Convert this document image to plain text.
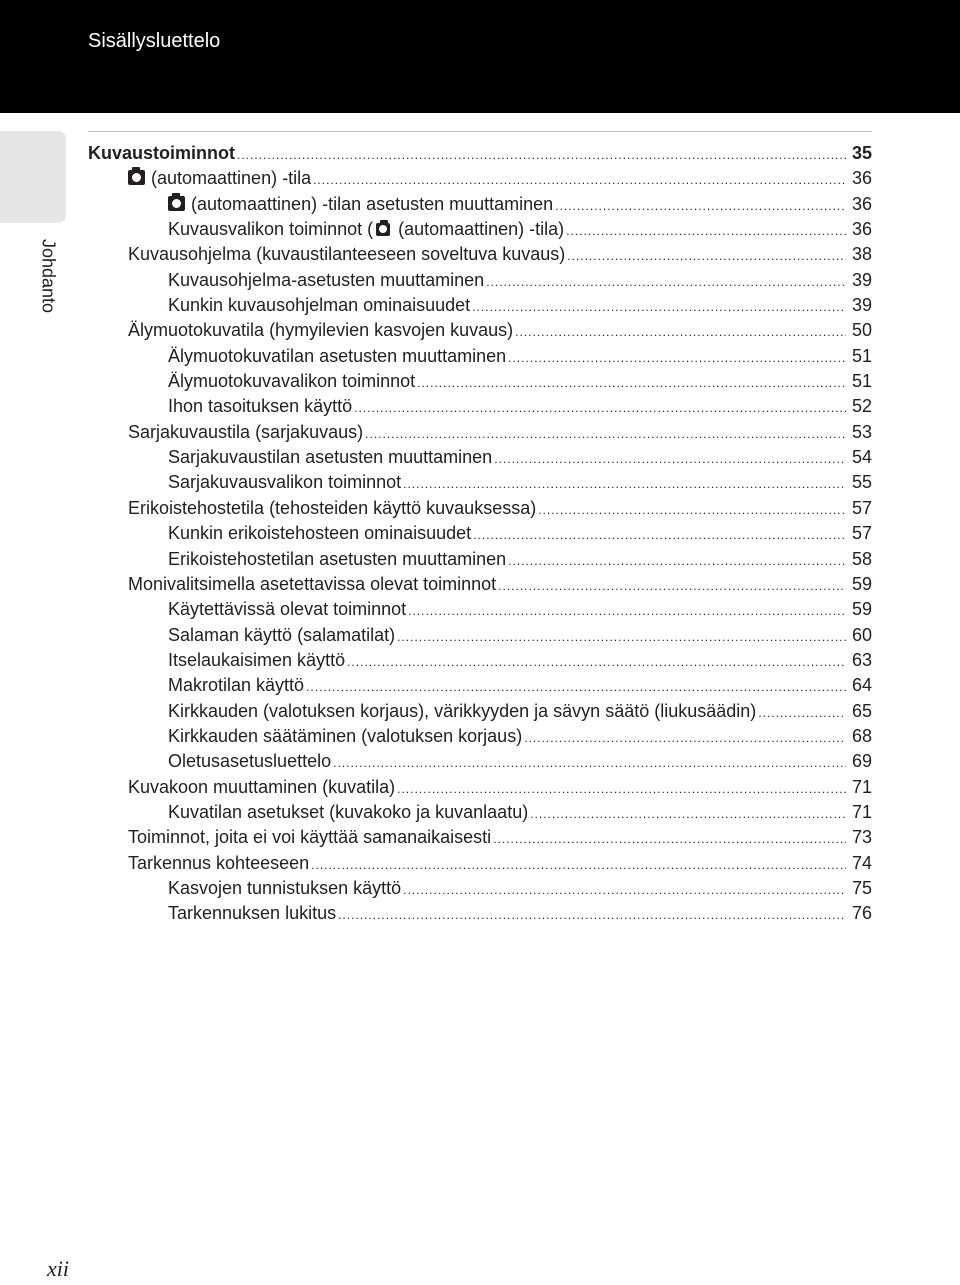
Sisällysluettelo
Johdanto
Kuvaustoiminnot .....	35
(automaattinen) -tila .....	36
(automaattinen) -tilan asetusten muuttaminen .....	36
Kuvausvalikon toiminnot ( (automaattinen) -tila) .....	36
Kuvausohjelma (kuvaustilanteeseen soveltuva kuvaus) .....	38
Kuvausohjelma-asetusten muuttaminen .....	39
Kunkin kuvausohjelman ominaisuudet .....	39
Älymuotokuvatila (hymyilevien kasvojen kuvaus) .....	50
Älymuotokuvatilan asetusten muuttaminen .....	51
Älymuotokuvavalikon toiminnot .....	51
Ihon tasoituksen käyttö .....	52
Sarjakuvaustila (sarjakuvaus) .....	53
Sarjakuvaustilan asetusten muuttaminen .....	54
Sarjakuvausvalikon toiminnot .....	55
Erikoistehostetila (tehosteiden käyttö kuvauksessa) .....	57
Kunkin erikoistehosteen ominaisuudet .....	57
Erikoistehostetilan asetusten muuttaminen .....	58
Monivalitsimella asetettavissa olevat toiminnot .....	59
Käytettävissä olevat toiminnot .....	59
Salaman käyttö (salamatilat) .....	60
Itselaukaisimen käyttö .....	63
Makrotilan käyttö .....	64
Kirkkauden (valotuksen korjaus), värikkyyden ja sävyn säätö (liukusäädin) .....	65
Kirkkauden säätäminen (valotuksen korjaus) .....	68
Oletusasetusluettelo .....	69
Kuvakoon muuttaminen (kuvatila) .....	71
Kuvatilan asetukset (kuvakoko ja kuvanlaatu) .....	71
Toiminnot, joita ei voi käyttää samanaikaisesti .....	73
Tarkennus kohteeseen .....	74
Kasvojen tunnistuksen käyttö .....	75
Tarkennuksen lukitus .....	76
xii
